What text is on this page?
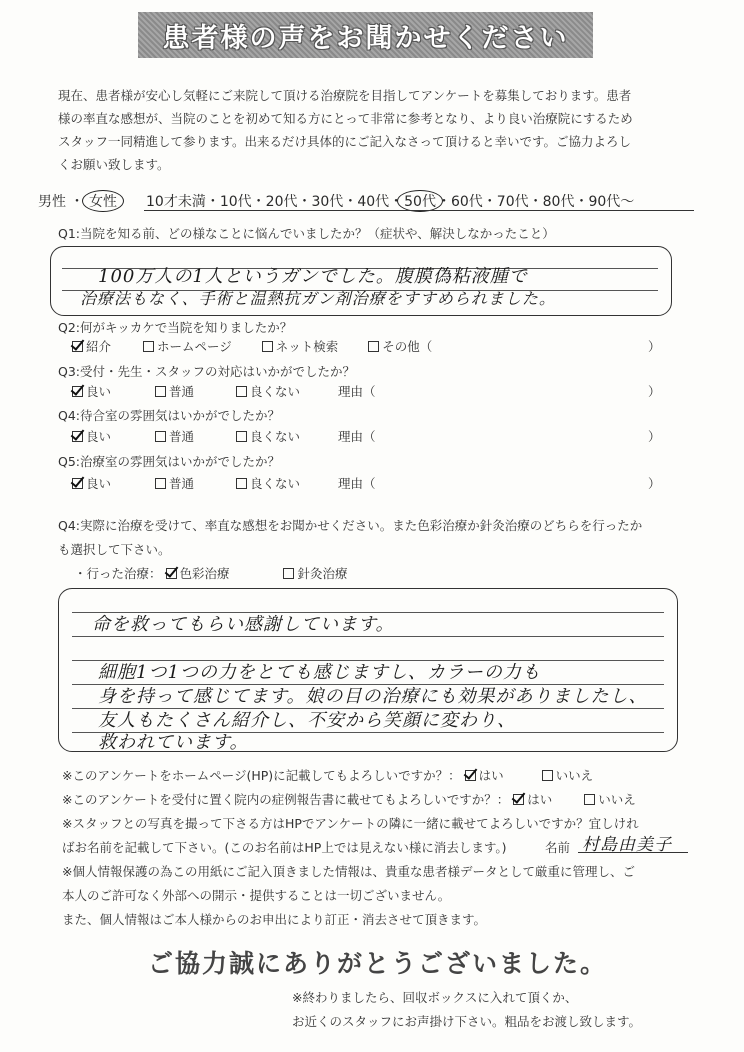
患者様の声をお聞かせください
現在、患者様が安心し気軽にご来院して頂ける治療院を目指してアンケートを募集しております。患者
様の率直な感想が、当院のことを初めて知る方にとって非常に参考となり、より良い治療院にするため
スタッフ一同精進して参ります。出来るだけ具体的にご記入なさって頂けると幸いです。ご協力よろし
くお願い致します。
男性 ・ 女性	10才未満・10代・20代・30代・40代・50代・60代・70代・80代・90代〜
Q1:当院を知る前、どの様なことに悩んでいましたか？（症状や、解決しなかったこと）
100万人の1人というガンでした。腹膜偽粘液腫で
治療法もなく、手術と温熱抗ガン剤治療をすすめられました。
Q2:何がキッカケで当院を知りましたか？
紹介	ホームページ	ネット検索	その他（	）
Q3:受付・先生・スタッフの対応はいかがでしたか？
良い	普通	良くない	理由（	）
Q4:待合室の雰囲気はいかがでしたか？
良い	普通	良くない	理由（	）
Q5:治療室の雰囲気はいかがでしたか？
良い	普通	良くない	理由（	）
Q4:実際に治療を受けて、率直な感想をお聞かせください。また色彩治療か針灸治療のどちらを行ったか
も選択して下さい。
・行った治療： 色彩治療	針灸治療
命を救ってもらい感謝しています。
細胞1つ1つの力をとても感じますし、カラーの力も
身を持って感じてます。娘の目の治療にも効果がありましたし、
友人もたくさん紹介し、不安から笑顔に変わり、
救われています。
※このアンケートをホームページ(HP)に記載してもよろしいですか？： はい	いいえ
※このアンケートを受付に置く院内の症例報告書に載せてもよろしいですか？： はい	いいえ
※スタッフとの写真を撮って下さる方はHPでアンケートの隣に一緒に載せてよろしいですか？宜しけれ
ばお名前を記載して下さい。(このお名前はHP上では見えない様に消去します。)	名前 村島由美子
※個人情報保護の為この用紙にご記入頂きました情報は、貴重な患者様データとして厳重に管理し、ご
本人のご許可なく外部への開示・提供することは一切ございません。
また、個人情報はご本人様からのお申出により訂正・消去させて頂きます。
ご協力誠にありがとうございました。
※終わりましたら、回収ボックスに入れて頂くか、
お近くのスタッフにお声掛け下さい。粗品をお渡し致します。
